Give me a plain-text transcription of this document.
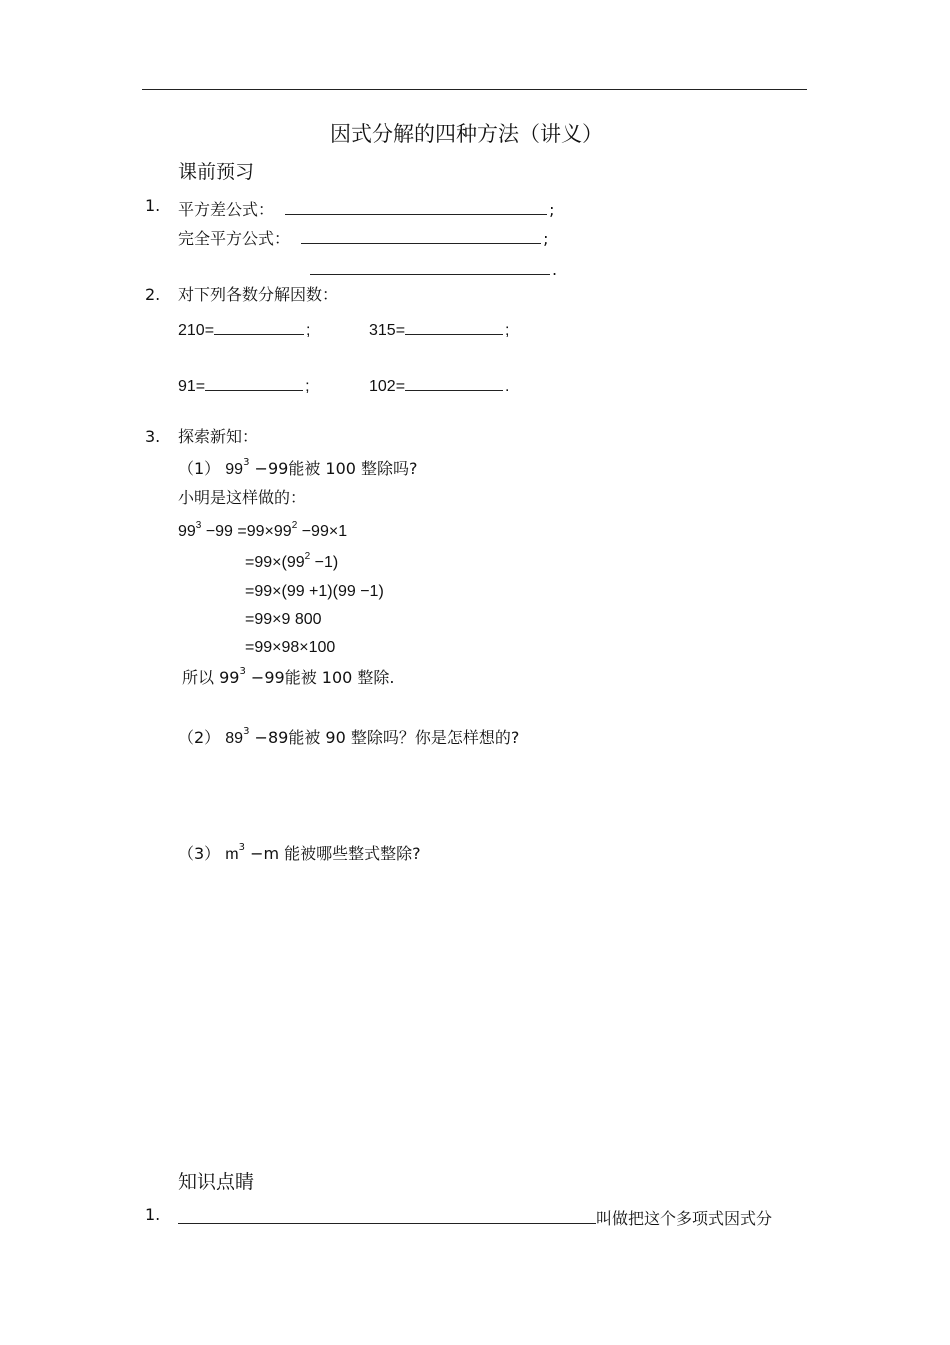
因式分解的四种方法（讲义）
课前预习
1. 平方差公式：	;
完全平方公式：	;
.
2. 对下列各数分解因数：
210=	;	315=	;
91=	;	102=	.
3. 探索新知：
（1） $99^3 -99$能被 100 整除吗?
小明是这样做的：
$99^3 -99 =99\times 99^2 -99\times 1$
$=99\times(99^2 -1)$
=99×(99 +1)(99 −1)
=99×9 800
=99×98×100
所以 $99^3 -99$能被 100 整除.
（2） $89^3 -89$能被 90 整除吗？你是怎样想的?
（3） $m^3 -m$ 能被哪些整式整除?
知识点睛
1.	叫做把这个多项式因式分
